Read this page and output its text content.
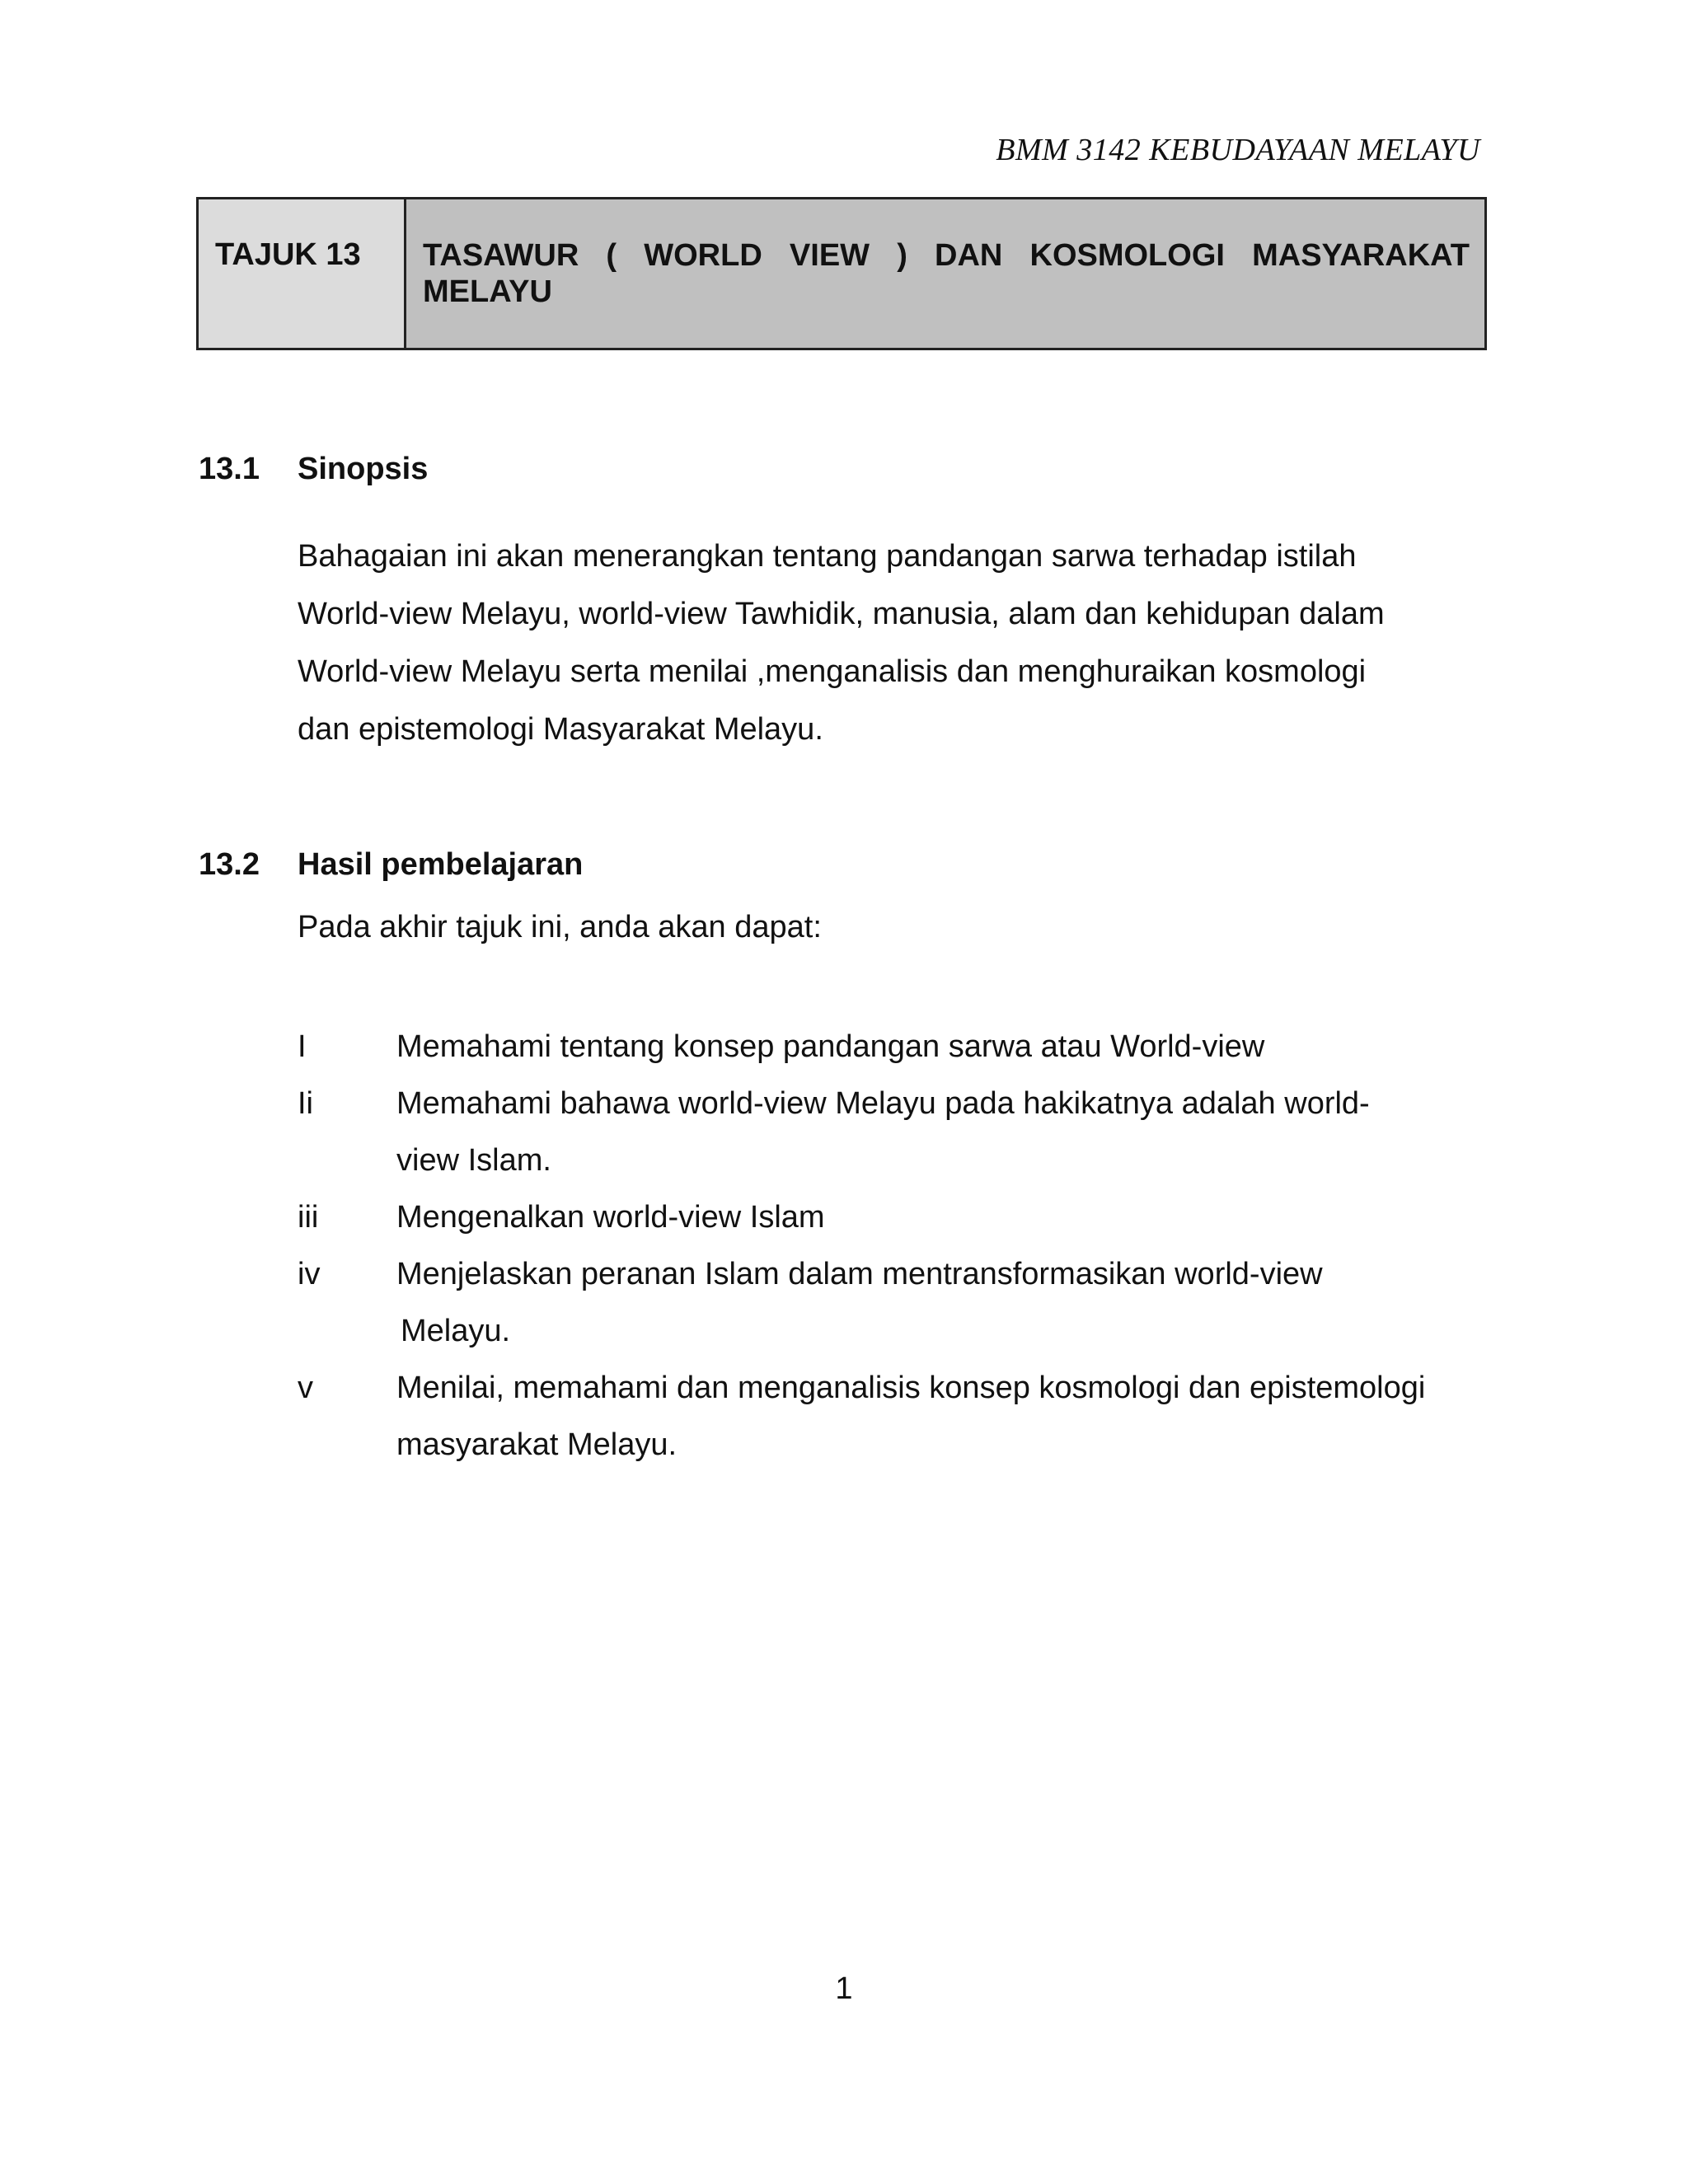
BMM 3142 KEBUDAYAAN MELAYU
TAJUK 13	TASAWUR ( WORLD VIEW ) DAN KOSMOLOGI MASYARAKAT MELAYU
13.1 Sinopsis

Bahagaian ini akan menerangkan tentang pandangan sarwa terhadap istilah

World-view Melayu, world-view Tawhidik, manusia, alam dan kehidupan dalam

World-view Melayu serta menilai ,menganalisis dan menghuraikan kosmologi

dan epistemologi Masyarakat Melayu.

13.2 Hasil pembelajaran
Pada akhir tajuk ini, anda akan dapat:
I	Memahami tentang konsep pandangan sarwa atau World-view
Ii	Memahami bahawa world-view Melayu pada hakikatnya adalah world-
view Islam.
iii	Mengenalkan world-view Islam
iv	Menjelaskan peranan Islam dalam mentransformasikan world-view
Melayu.
v	Menilai, memahami dan menganalisis konsep kosmologi dan epistemologi
masyarakat Melayu.
1
